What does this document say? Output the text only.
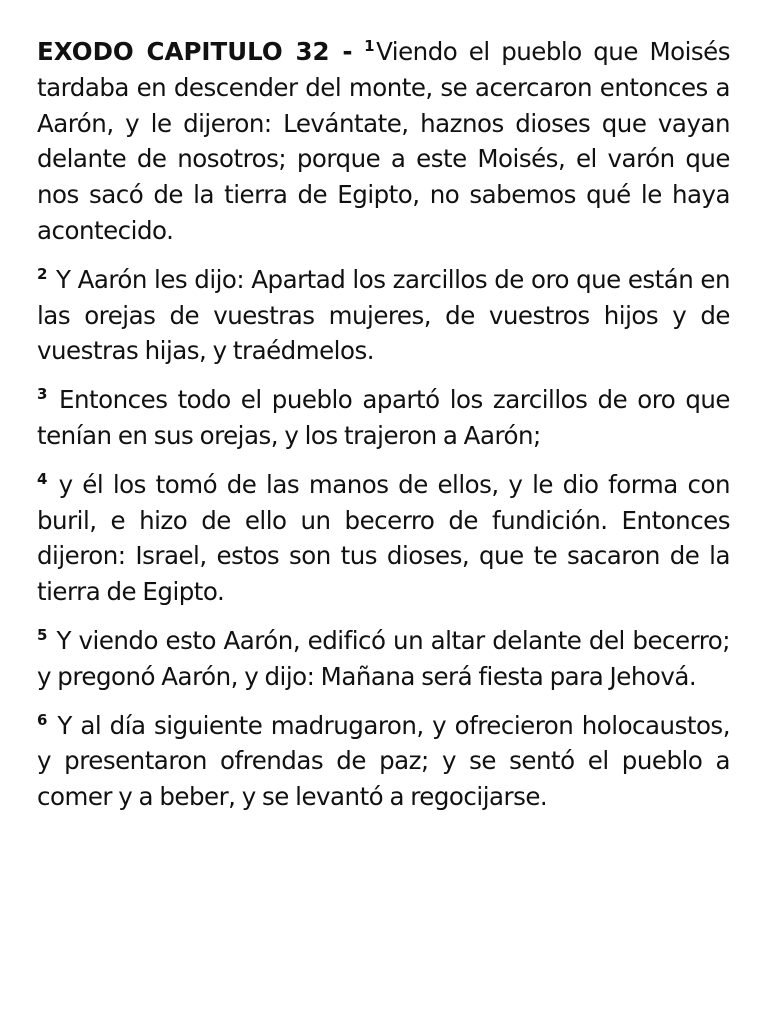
EXODO CAPITULO 32 - $^1$Viendo el pueblo que Moisés tardaba en descender del monte, se acercaron entonces a Aarón, y le dijeron: Levántate, haznos dioses que vayan delante de nosotros; porque a este Moisés, el varón que nos sacó de la tierra de Egipto, no sabemos qué le haya acontecido.

$^2$ Y Aarón les dijo: Apartad los zarcillos de oro que están en las orejas de vuestras mujeres, de vuestros hijos y de vuestras hijas, y traédmelos.

$^3$ Entonces todo el pueblo apartó los zarcillos de oro que tenían en sus orejas, y los trajeron a Aarón;

$^4$ y él los tomó de las manos de ellos, y le dio forma con buril, e hizo de ello un becerro de fundición. Entonces dijeron: Israel, estos son tus dioses, que te sacaron de la tierra de Egipto.

$^5$ Y viendo esto Aarón, edificó un altar delante del becerro; y pregonó Aarón, y dijo: Mañana será fiesta para Jehová.

$^6$ Y al día siguiente madrugaron, y ofrecieron holocaustos, y presentaron ofrendas de paz; y se sentó el pueblo a comer y a beber, y se levantó a regocijarse.
